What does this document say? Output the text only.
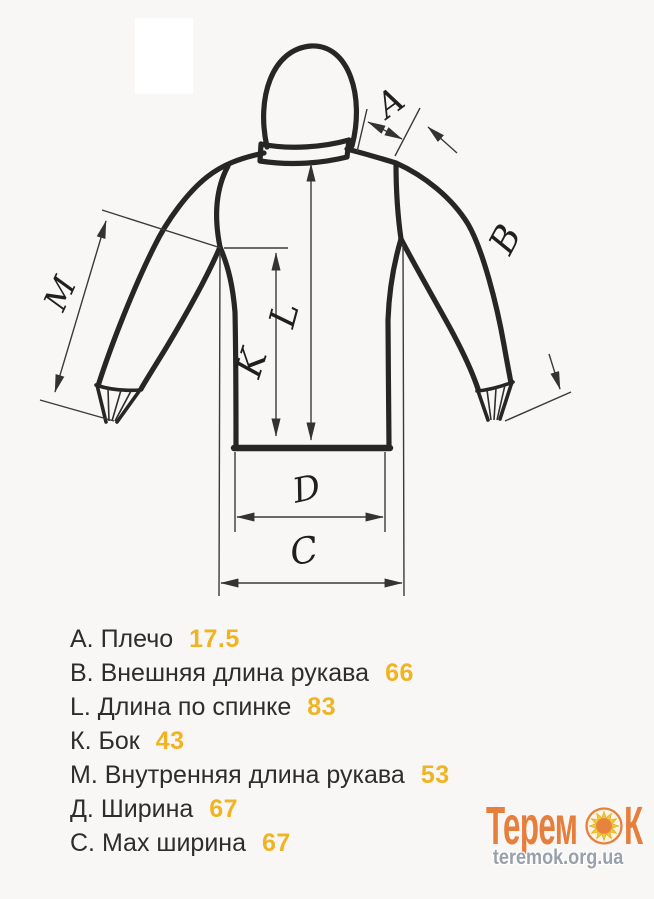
A
B
M	L
K
D
C
А. Плечо 17.5
В. Внешняя длина рукава 66
L. Длина по спинке 83
К. Бок 43
М. Внутренняя длина рукава 53
Д. Ширина 67
С. Мах ширина 67	Терем К
teremok.org.ua
